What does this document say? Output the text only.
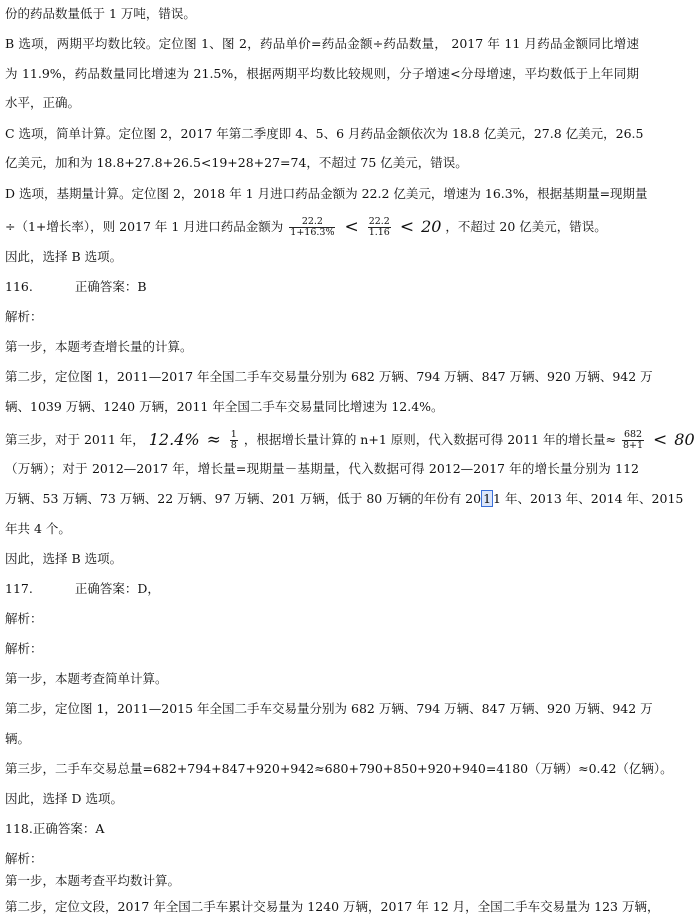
份的药品数量低于 1 万吨，错误。
B 选项，两期平均数比较。定位图 1、图 2，药品单价=药品金额÷药品数量， 2017 年 11 月药品金额同比增速
为 11.9%，药品数量同比增速为 21.5%，根据两期平均数比较规则，分子增速<分母增速，平均数低于上年同期
水平，正确。
C 选项，简单计算。定位图 2，2017 年第二季度即 4、5、6 月药品金额依次为 18.8 亿美元，27.8 亿美元，26.5
亿美元，加和为 18.8+27.8+26.5<19+28+27=74，不超过 75 亿美元，错误。
D 选项，基期量计算。定位图 2，2018 年 1 月进口药品金额为 22.2 亿美元，增速为 16.3%，根据基期量=现期量
÷（1+增长率），则 2017 年 1 月进口药品金额为 $\frac{22.2}{1+16.3\%} < \frac{22.2}{1.16} < 20$ ，不超过 20 亿美元，错误。
因此，选择 B 选项。
116.	正确答案：B
解析：
第一步，本题考查增长量的计算。
第二步，定位图 1，2011—2017 年全国二手车交易量分别为 682 万辆、794 万辆、847 万辆、920 万辆、942 万
辆、1039 万辆、1240 万辆，2011 年全国二手车交易量同比增速为 12.4%。
第三步，对于 2011 年， $12.4\% \approx \frac{1}{8}$ ，根据增长量计算的 n+1 原则，代入数据可得 2011 年的增长量≈ $\frac{682}{8+1} < 80$
（万辆）；对于 2012—2017 年，增长量=现期量－基期量，代入数据可得 2012—2017 年的增长量分别为 112
万辆、53 万辆、73 万辆、22 万辆、97 万辆、201 万辆，低于 80 万辆的年份有 20 1 1 年、2013 年、2014 年、2015
年共 4 个。
因此，选择 B 选项。
117.	正确答案：D，
解析：
解析：
第一步，本题考查简单计算。
第二步，定位图 1，2011—2015 年全国二手车交易量分别为 682 万辆、794 万辆、847 万辆、920 万辆、942 万
辆。
第三步，二手车交易总量=682+794+847+920+942≈680+790+850+920+940=4180（万辆）≈0.42（亿辆）。
因此，选择 D 选项。
118.正确答案：A
解析：
第一步，本题考查平均数计算。
第二步，定位文段，2017 年全国二手车累计交易量为 1240 万辆，2017 年 12 月，全国二手车交易量为 123 万辆，
